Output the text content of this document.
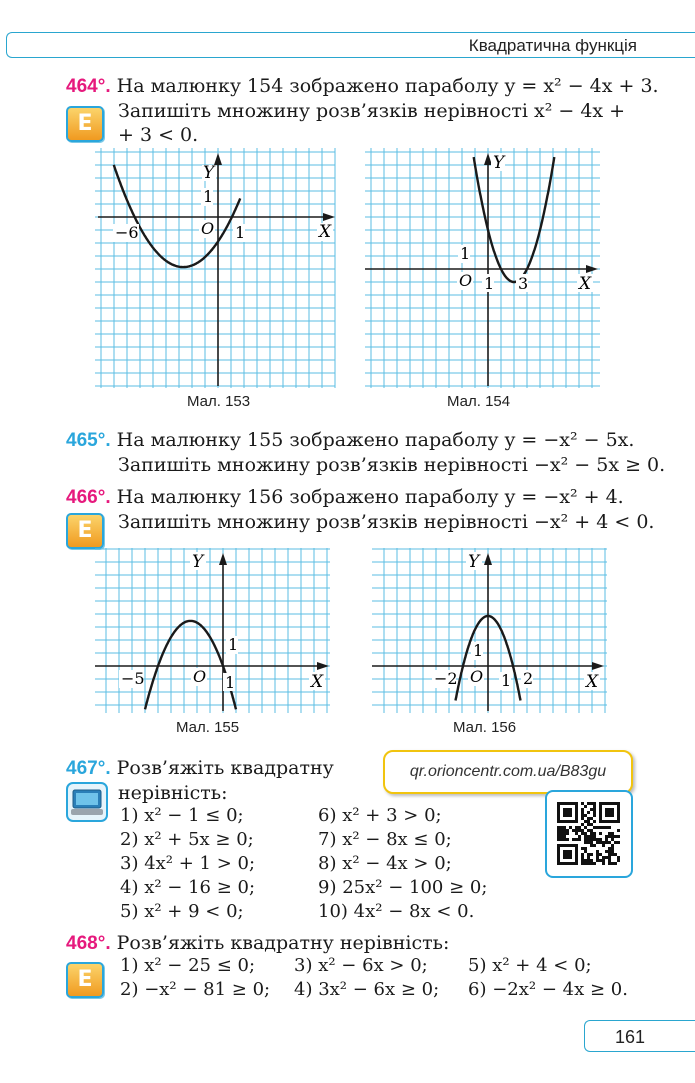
Квадратична функція
Е
464°. На малюнку 154 зображено параболу y = x² − 4x + 3.
Запишіть множину розв’язків нерівності x² − 4x +
+ 3 < 0.
Y
X
O
−6	1
1
Мал. 153
Y
X
O 1 3
1
Мал. 154
465°. На малюнку 155 зображено параболу y = −x² − 5x.
Запишіть множину розв’язків нерівності −x² − 5x ≥ 0.
Е
466°. На малюнку 156 зображено параболу y = −x² + 4.
Запишіть множину розв’язків нерівності −x² + 4 < 0.
Y
X
O
−5	1
1
Мал. 155
Y
X
O
−2	1 2
1
Мал. 156
467°. Розв’яжіть квадратну
нерівність:
1) x² − 1 ≤ 0;
2) x² + 5x ≥ 0;
3) 4x² + 1 > 0;
4) x² − 16 ≥ 0;
5) x² + 9 < 0;
6) x² + 3 > 0;
7) x² − 8x ≤ 0;
8) x² − 4x > 0;
9) 25x² − 100 ≥ 0;
10) 4x² − 8x < 0.
qr.orioncentr.com.ua/B83gu
Е
468°. Розв’яжіть квадратну нерівність:
1) x² − 25 ≤ 0;
2) −x² − 81 ≥ 0;
3) x² − 6x > 0;
4) 3x² − 6x ≥ 0;
5) x² + 4 < 0;
6) −2x² − 4x ≥ 0.
161
